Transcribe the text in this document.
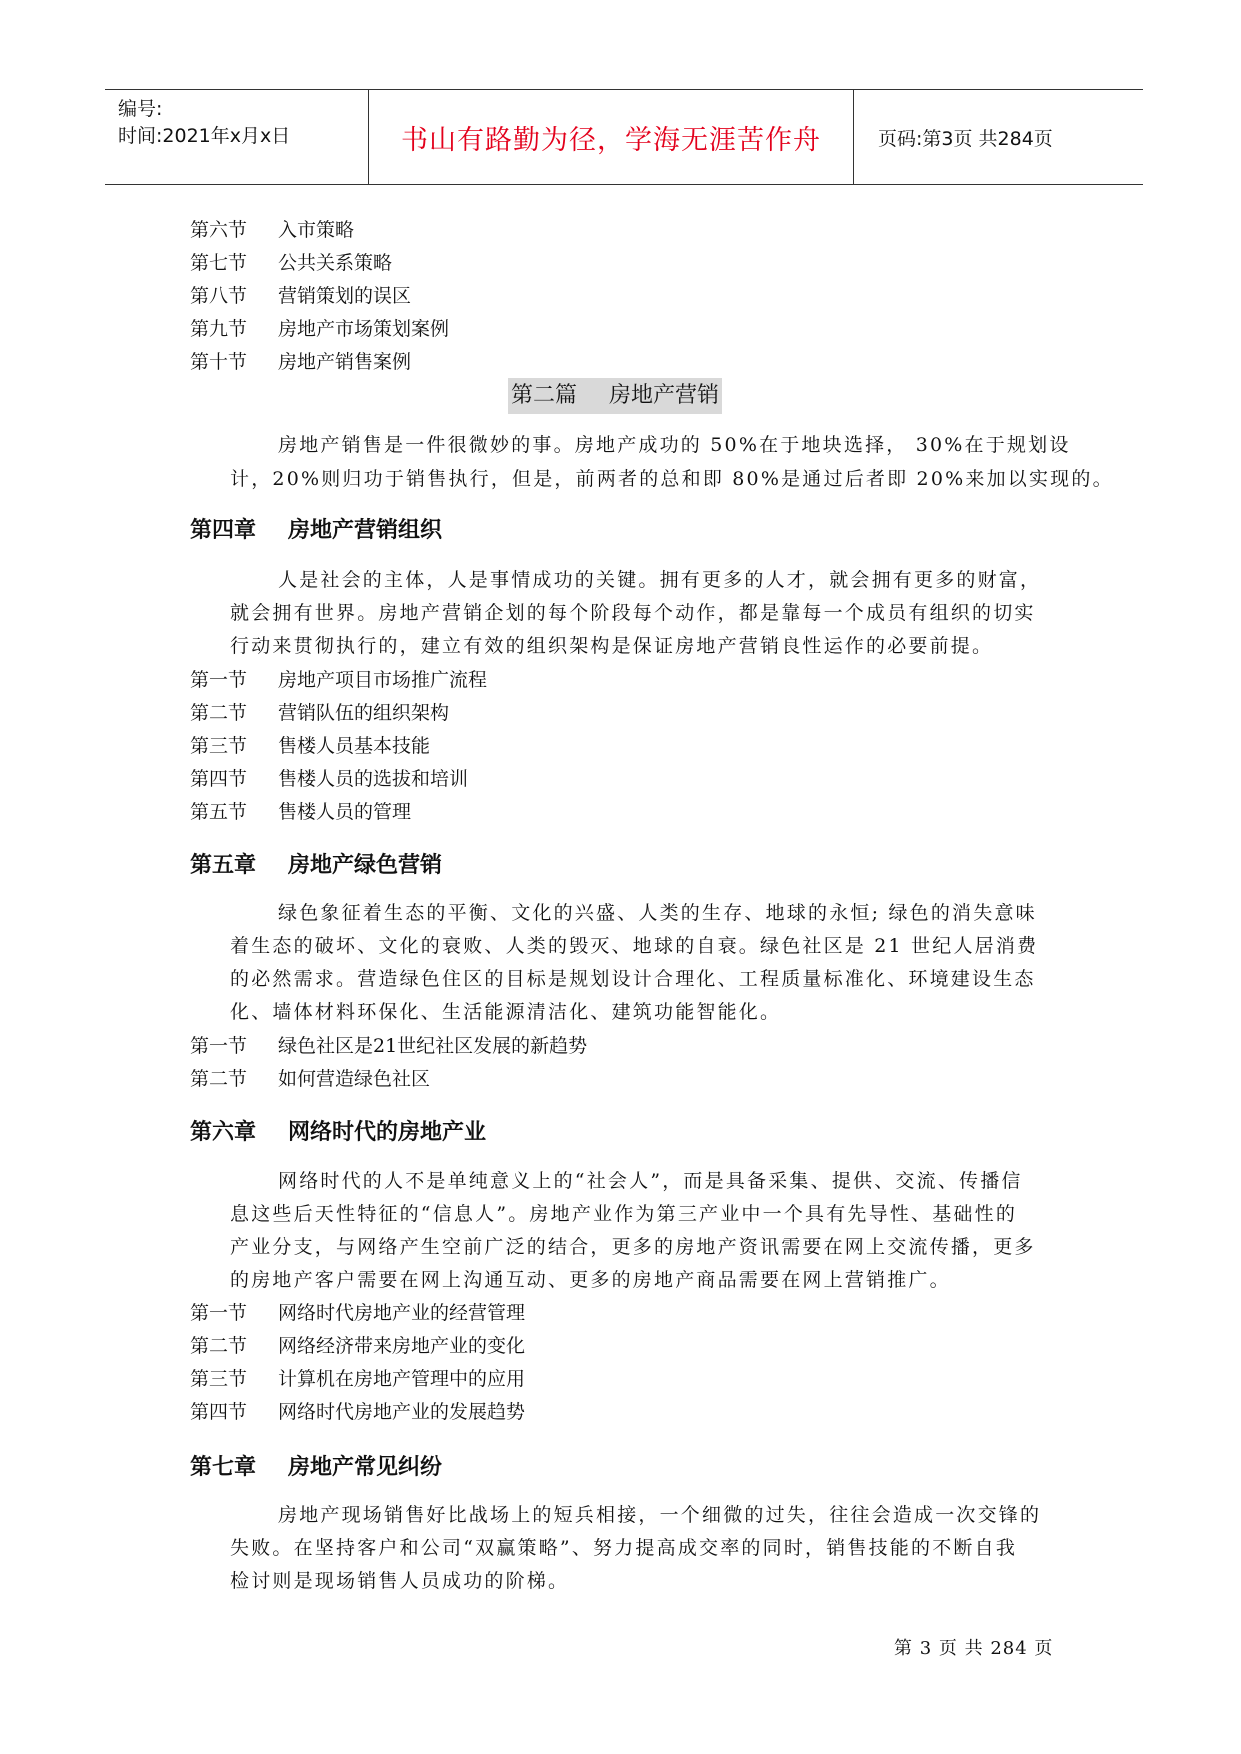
编号:
时间:2021年x月x日	书山有路勤为径，学海无涯苦作舟	页码:第3页 共284页
第六节 入市策略
第七节 公共关系策略
第八节 营销策划的误区
第九节 房地产市场策划案例
第十节 房地产销售案例
第二篇 房地产营销
房地产销售是一件很微妙的事。房地产成功的 50%在于地块选择， 30%在于规划设
计，20%则归功于销售执行，但是，前两者的总和即 80%是通过后者即 20%来加以实现的。
第四章 房地产营销组织
人是社会的主体，人是事情成功的关键。拥有更多的人才，就会拥有更多的财富，
就会拥有世界。房地产营销企划的每个阶段每个动作，都是靠每一个成员有组织的切实
行动来贯彻执行的，建立有效的组织架构是保证房地产营销良性运作的必要前提。
第一节 房地产项目市场推广流程
第二节 营销队伍的组织架构
第三节 售楼人员基本技能
第四节 售楼人员的选拔和培训
第五节 售楼人员的管理
第五章 房地产绿色营销
绿色象征着生态的平衡、文化的兴盛、人类的生存、地球的永恒; 绿色的消失意味
着生态的破坏、文化的衰败、人类的毁灭、地球的自衰。绿色社区是 21 世纪人居消费
的必然需求。营造绿色住区的目标是规划设计合理化、工程质量标准化、环境建设生态
化、墙体材料环保化、生活能源清洁化、建筑功能智能化。
第一节 绿色社区是21世纪社区发展的新趋势
第二节 如何营造绿色社区
第六章 网络时代的房地产业
网络时代的人不是单纯意义上的“社会人”，而是具备采集、提供、交流、传播信
息这些后天性特征的“信息人”。房地产业作为第三产业中一个具有先导性、基础性的
产业分支，与网络产生空前广泛的结合，更多的房地产资讯需要在网上交流传播，更多
的房地产客户需要在网上沟通互动、更多的房地产商品需要在网上营销推广。
第一节 网络时代房地产业的经营管理
第二节 网络经济带来房地产业的变化
第三节 计算机在房地产管理中的应用
第四节 网络时代房地产业的发展趋势
第七章 房地产常见纠纷
房地产现场销售好比战场上的短兵相接，一个细微的过失，往往会造成一次交锋的
失败。在坚持客户和公司“双赢策略”、努力提高成交率的同时，销售技能的不断自我
检讨则是现场销售人员成功的阶梯。
第 3 页 共 284 页
